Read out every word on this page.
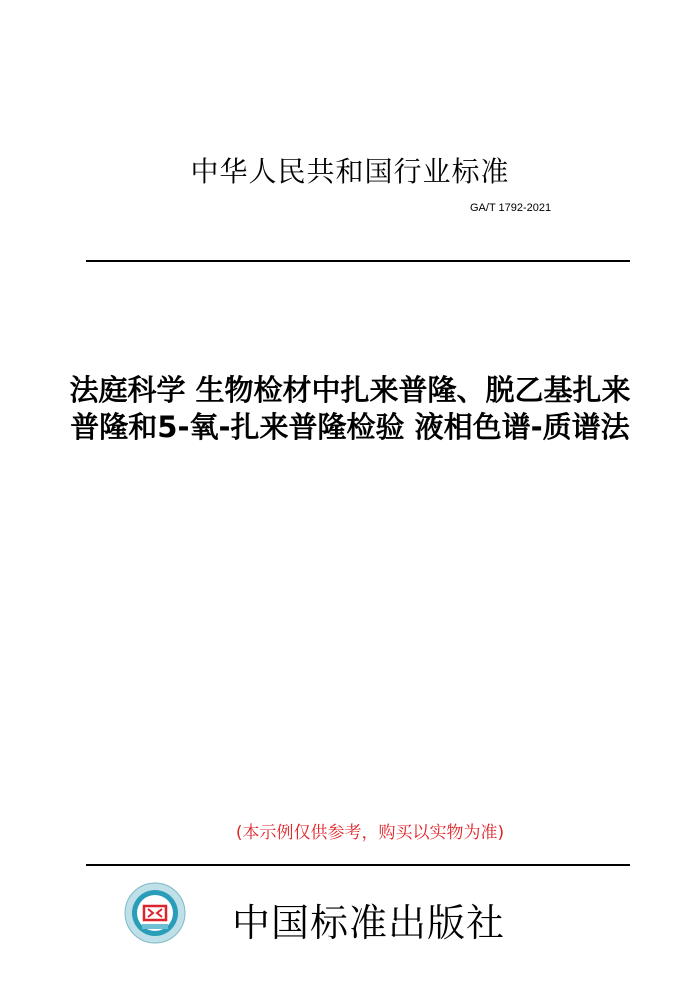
中华人民共和国行业标准
GA/T 1792-2021
法庭科学 生物检材中扎来普隆、脱乙基扎来
普隆和5-氧-扎来普隆检验 液相色谱-质谱法
(本示例仅供参考，购买以实物为准)
中国标准出版社
